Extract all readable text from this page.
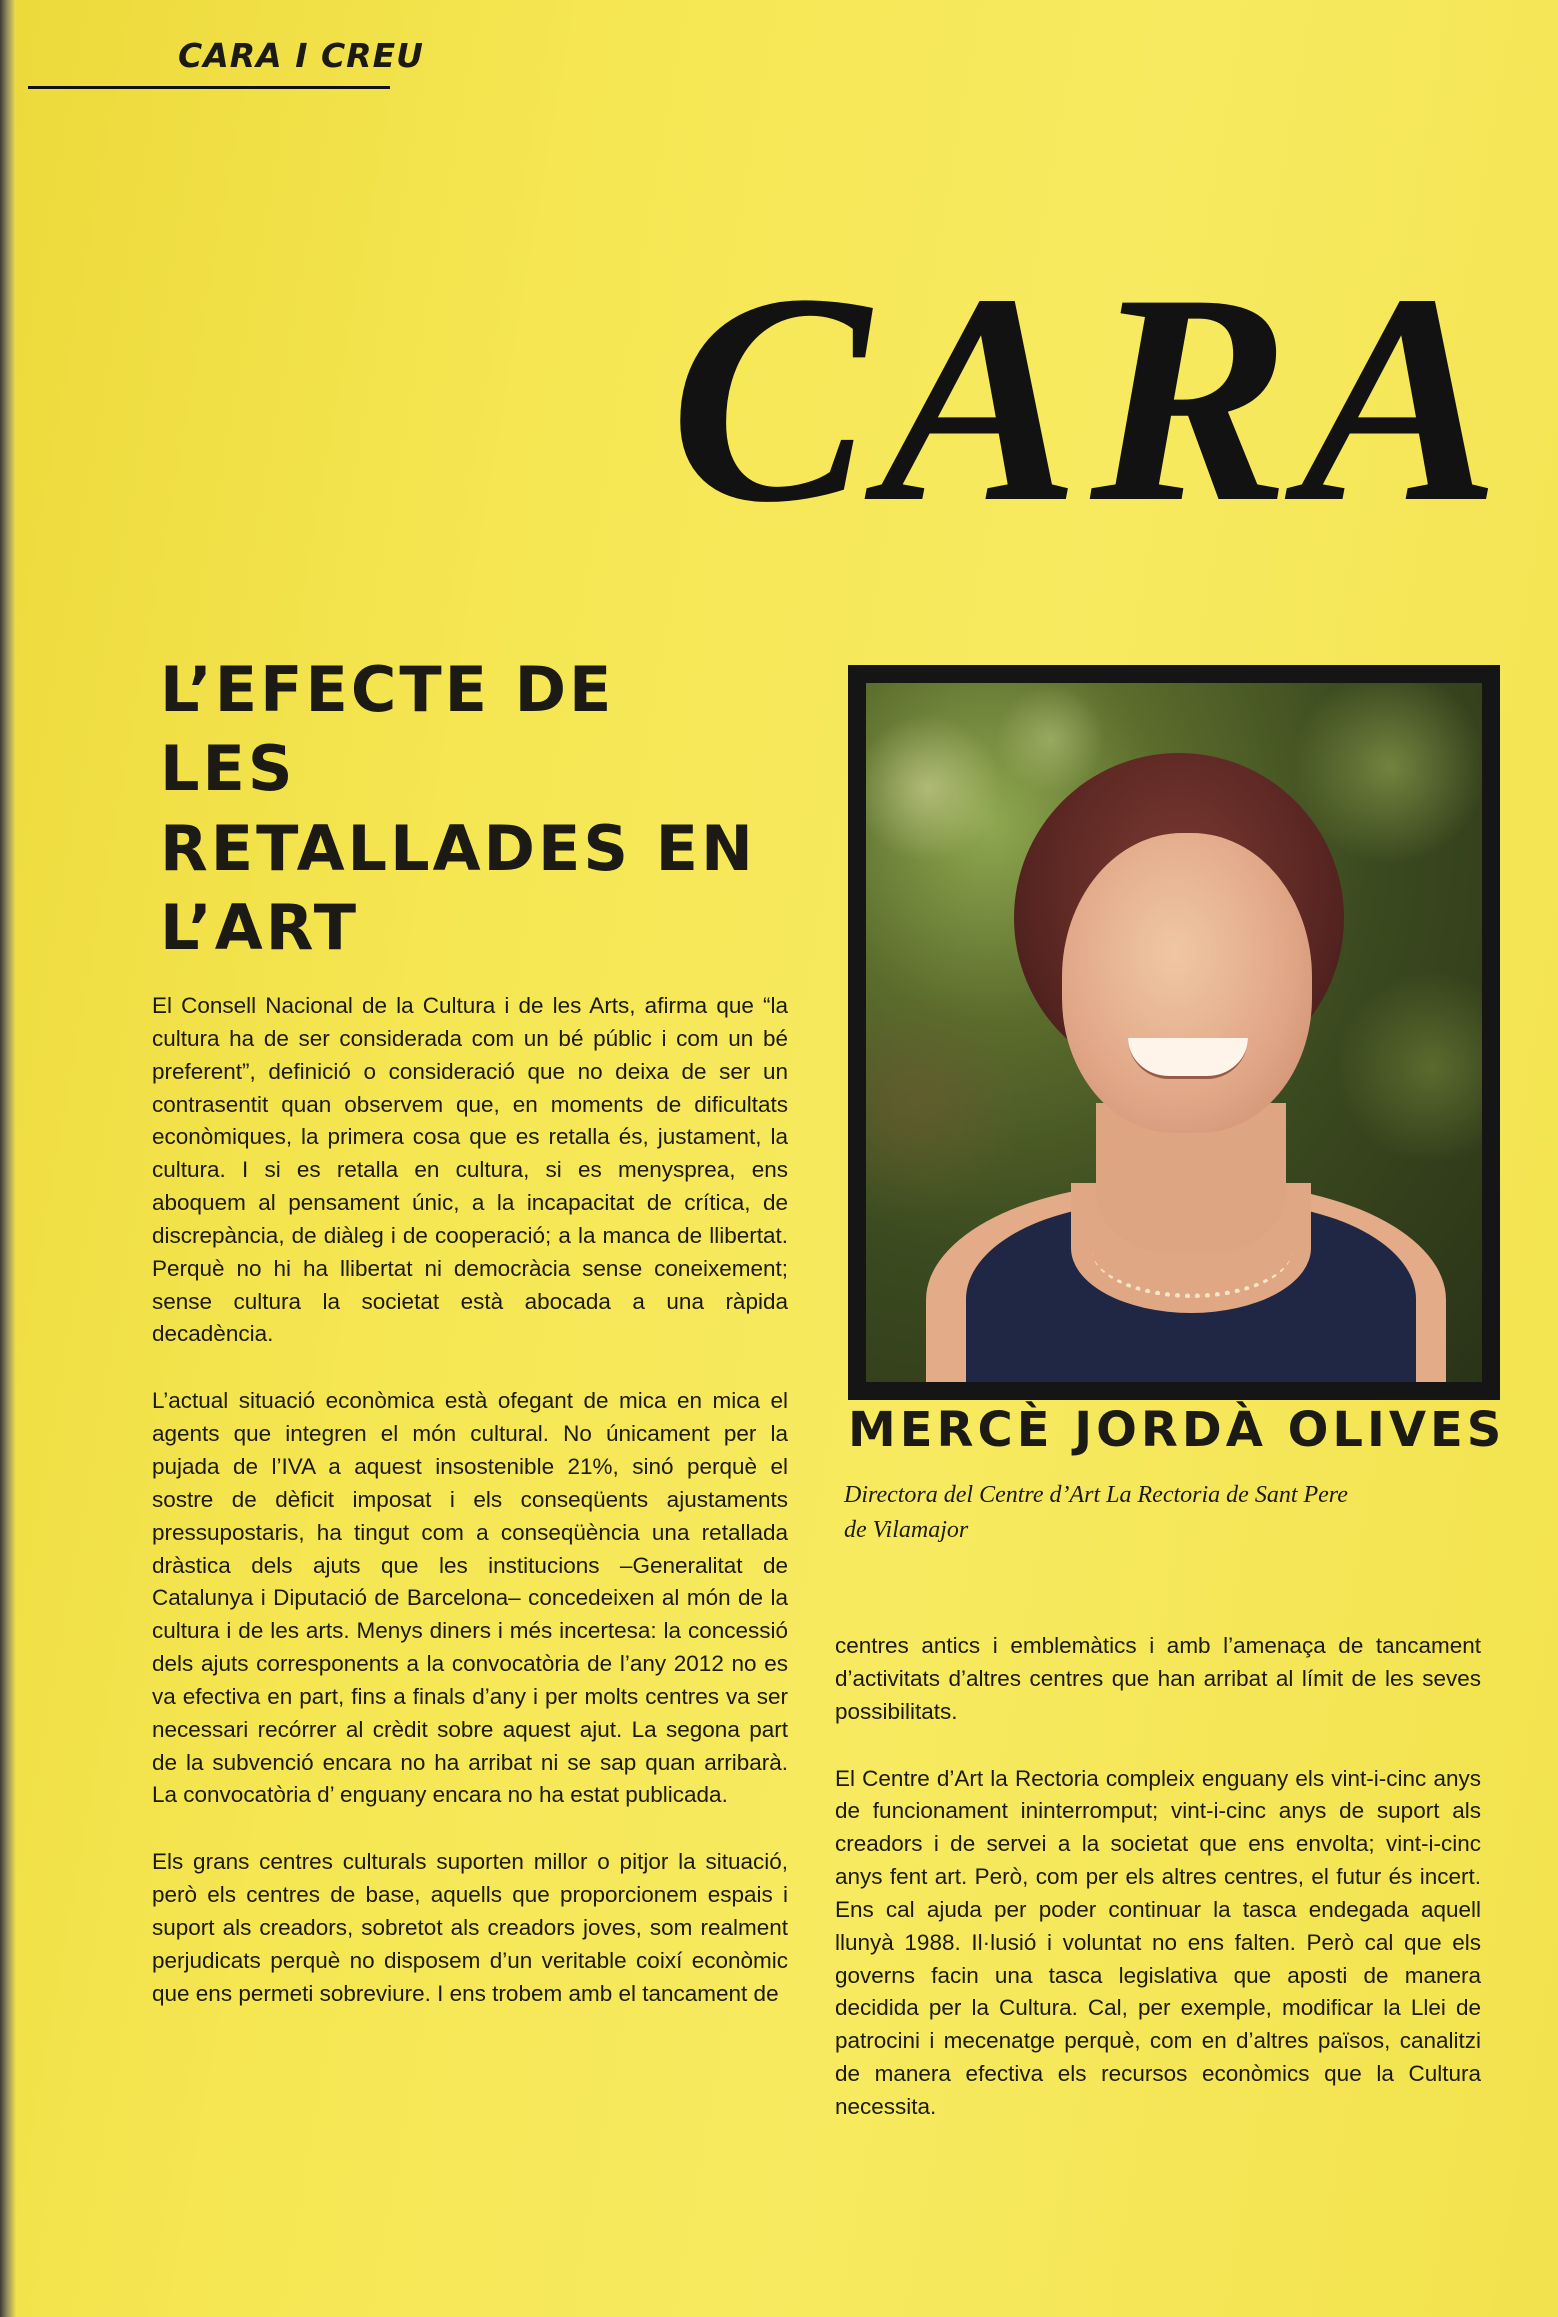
CARA I CREU

CARA
L’EFECTE DE LES RETALLADES EN L’ART

El Consell Nacional de la Cultura i de les Arts, afirma que “la cultura ha de ser considerada com un bé públic i com un bé preferent”, definició o consideració que no deixa de ser un contrasentit quan observem que, en moments de dificultats econòmiques, la primera cosa que es retalla és, justament, la cultura. I si es retalla en cultura, si es menysprea, ens aboquem al pensament únic, a la incapacitat de crítica, de discrepància, de diàleg i de cooperació; a la manca de llibertat. Perquè no hi ha llibertat ni democràcia sense coneixement; sense cultura la societat està abocada a una ràpida decadència.

L’actual situació econòmica està ofegant de mica en mica el agents que integren el món cultural. No únicament per la pujada de l’IVA a aquest insostenible 21%, sinó perquè el sostre de dèficit imposat i els conseqüents ajustaments pressupostaris, ha tingut com a conseqüència una retallada dràstica dels ajuts que les institucions –Generalitat de Catalunya i Diputació de Barcelona– concedeixen al món de la cultura i de les arts. Menys diners i més incertesa: la concessió dels ajuts corresponents a la convocatòria de l’any 2012 no es va efectiva en part, fins a finals d’any i per molts centres va ser necessari recórrer al crèdit sobre aquest ajut. La segona part de la subvenció encara no ha arribat ni se sap quan arribarà. La convocatòria d’ enguany encara no ha estat publicada.

Els grans centres culturals suporten millor o pitjor la situació, però els centres de base, aquells que proporcionem espais i suport als creadors, sobretot als creadors joves, som realment perjudicats perquè no disposem d’un veritable coixí econòmic que ens permeti sobreviure. I ens trobem amb el tancament de

MERCÈ JORDÀ OLIVES

Directora del Centre d’Art La Rectoria de Sant Pere de Vilamajor

centres antics i emblemàtics i amb l’amenaça de tancament d’activitats d’altres centres que han arribat al límit de les seves possibilitats.

El Centre d’Art la Rectoria compleix enguany els vint-i-cinc anys de funcionament ininterromput; vint-i-cinc anys de suport als creadors i de servei a la societat que ens envolta; vint-i-cinc anys fent art. Però, com per els altres centres, el futur és incert. Ens cal ajuda per poder continuar la tasca endegada aquell llunyà 1988. Il·lusió i voluntat no ens falten. Però cal que els governs facin una tasca legislativa que aposti de manera decidida per la Cultura. Cal, per exemple, modificar la Llei de patrocini i mecenatge perquè, com en d’altres països, canalitzi de manera efectiva els recursos econòmics que la Cultura necessita.
